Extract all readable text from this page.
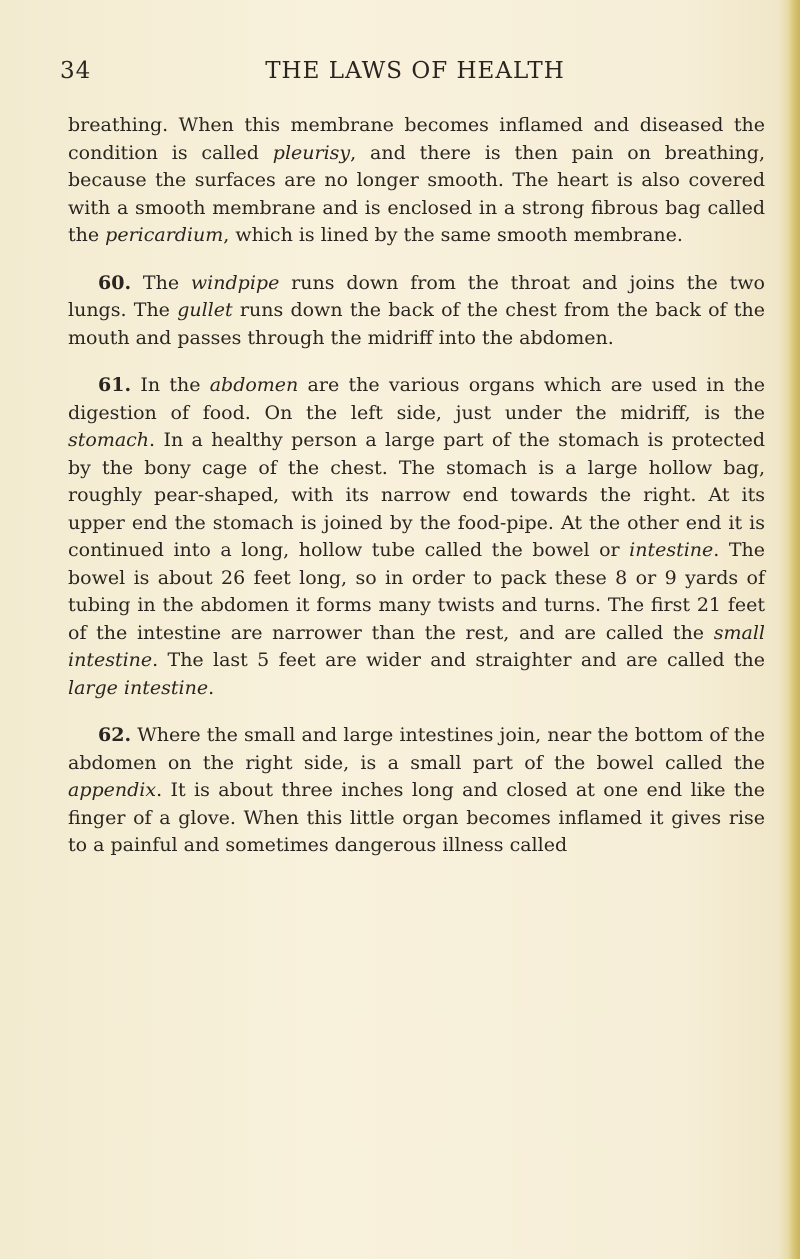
34	THE LAWS OF HEALTH

breathing. When this membrane becomes inflamed and diseased the condition is called pleurisy, and there is then pain on breathing, because the surfaces are no longer smooth. The heart is also covered with a smooth membrane and is enclosed in a strong fibrous bag called the pericardium, which is lined by the same smooth membrane.

60. The windpipe runs down from the throat and joins the two lungs. The gullet runs down the back of the chest from the back of the mouth and passes through the midriff into the abdomen.

61. In the abdomen are the various organs which are used in the digestion of food. On the left side, just under the midriff, is the stomach. In a healthy person a large part of the stomach is protected by the bony cage of the chest. The stomach is a large hollow bag, roughly pear-shaped, with its narrow end towards the right. At its upper end the stomach is joined by the food-pipe. At the other end it is continued into a long, hollow tube called the bowel or intestine. The bowel is about 26 feet long, so in order to pack these 8 or 9 yards of tubing in the abdomen it forms many twists and turns. The first 21 feet of the intestine are narrower than the rest, and are called the small intestine. The last 5 feet are wider and straighter and are called the large intestine.

62. Where the small and large intestines join, near the bottom of the abdomen on the right side, is a small part of the bowel called the appendix. It is about three inches long and closed at one end like the finger of a glove. When this little organ becomes inflamed it gives rise to a painful and sometimes dangerous illness called
